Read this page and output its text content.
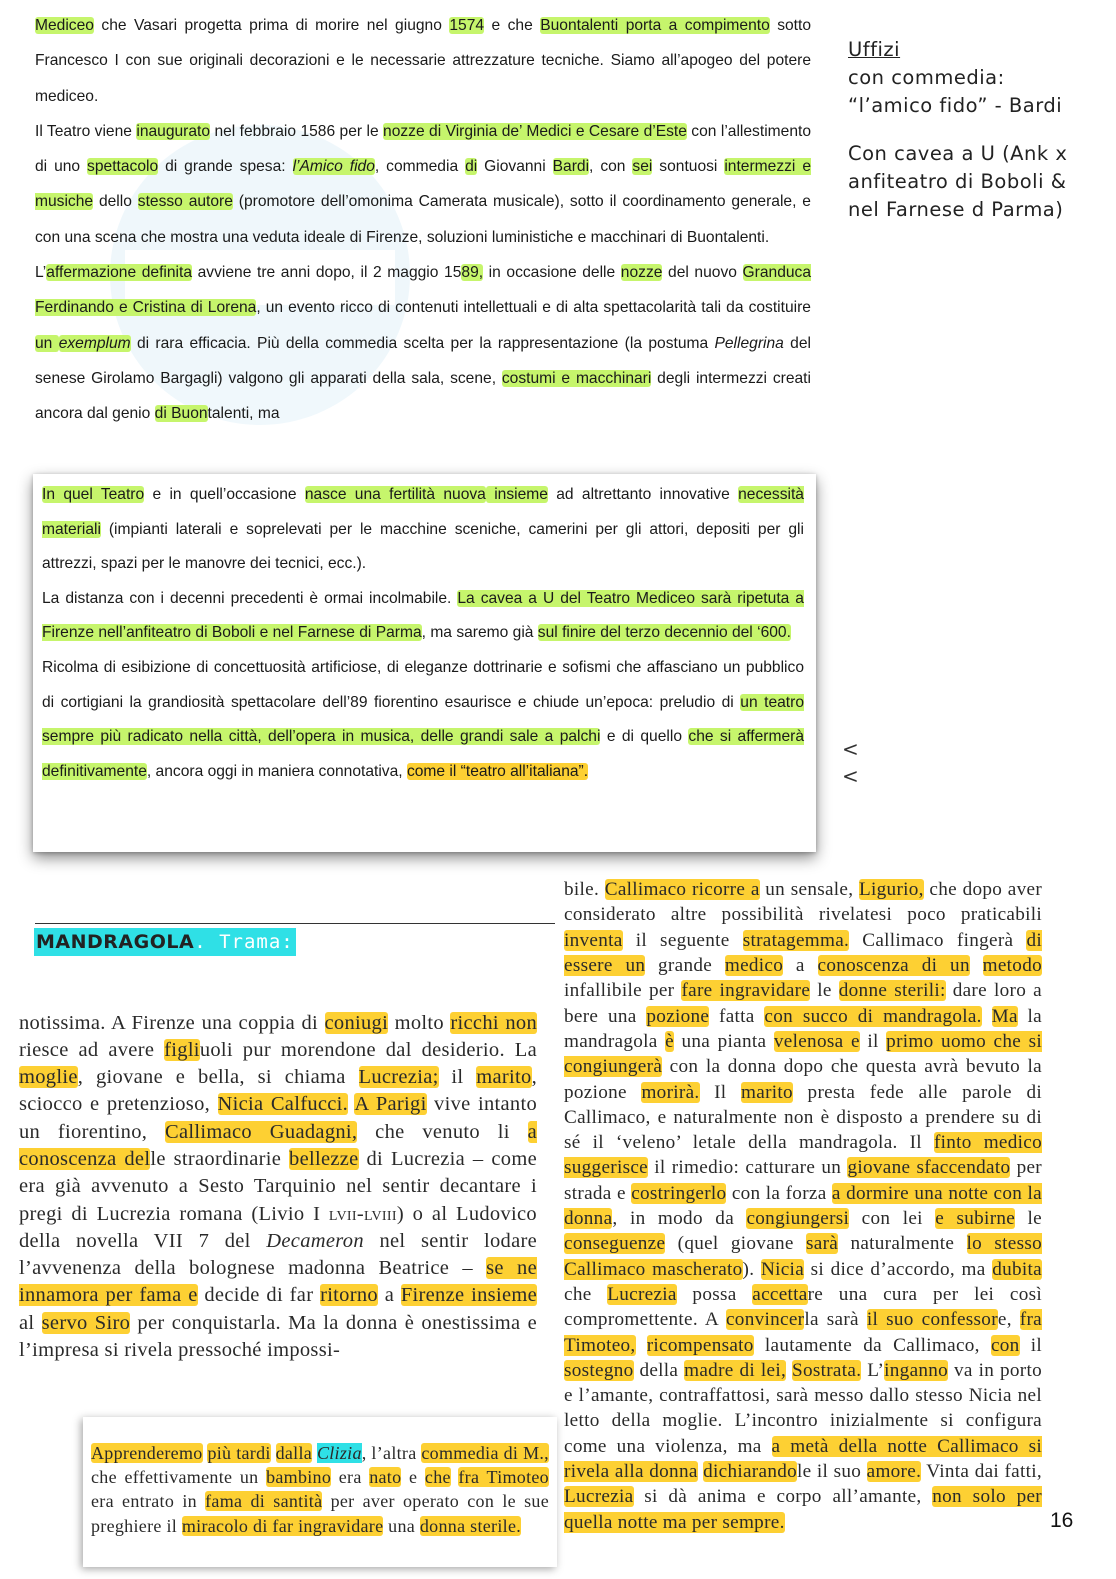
Mediceo che Vasari progetta prima di morire nel giugno 1574 e che Buontalenti porta a compimento sotto Francesco I con sue originali decorazioni e le necessarie attrezzature tecniche. Siamo all’apogeo del potere mediceo.

Il Teatro viene inaugurato nel febbraio 1586 per le nozze di Virginia de’ Medici e Cesare d’Este con l’allestimento di uno spettacolo di grande spesa: l’Amico fido, commedia di Giovanni Bardi, con sei sontuosi intermezzi e musiche dello stesso autore (promotore dell’omonima Camerata musicale), sotto il coordinamento generale, e con una scena che mostra una veduta ideale di Firenze, soluzioni luministiche e macchinari di Buontalenti.

L’affermazione definita avviene tre anni dopo, il 2 maggio 1589, in occasione delle nozze del nuovo Granduca Ferdinando e Cristina di Lorena, un evento ricco di contenuti intellettuali e di alta spettacolarità tali da costituire un exemplum di rara efficacia. Più della commedia scelta per la rappresentazione (la postuma Pellegrina del senese Girolamo Bargagli) valgono gli apparati della sala, scene, costumi e macchinari degli intermezzi creati ancora dal genio di Buontalenti, ma

Uffizi
con commedia: “l’amico fido” - Bardi

Con cavea a U (Ank x anfiteatro di Boboli & nel Farnese d Parma)

In quel Teatro e in quell’occasione nasce una fertilità nuova insieme ad altrettanto innovative necessità materiali (impianti laterali e soprelevati per le macchine sceniche, camerini per gli attori, depositi per gli attrezzi, spazi per le manovre dei tecnici, ecc.).

La distanza con i decenni precedenti è ormai incolmabile. La cavea a U del Teatro Mediceo sarà ripetuta a Firenze nell’anfiteatro di Boboli e nel Farnese di Parma, ma saremo già sul finire del terzo decennio del ‘600.

Ricolma di esibizione di concettuosità artificiose, di eleganze dottrinarie e sofismi che affasciano un pubblico di cortigiani la grandiosità spettacolare dell’89 fiorentino esaurisce e chiude un’epoca: preludio di un teatro sempre più radicato nella città, dell’opera in musica, delle grandi sale a palchi e di quello che si affermerà definitivamente, ancora oggi in maniera connotativa, come il “teatro all’italiana”.

<
<
MANDRAGOLA. Trama:

notissima. A Firenze una coppia di coniugi molto ricchi non riesce ad avere figliuoli pur morendone dal desiderio. La moglie, giovane e bella, si chiama Lucrezia; il marito, sciocco e pretenzioso, Nicia Calfucci. A Parigi vive intanto un fiorentino, Callimaco Guadagni, che venuto li a conoscenza delle straordinarie bellezze di Lucrezia – come era già avvenuto a Sesto Tarquinio nel sentir decantare i pregi di Lucrezia romana (Livio I lvii-lviii) o al Ludovico della novella VII 7 del Decameron nel sentir lodare l’avvenenza della bolognese madonna Beatrice – se ne innamora per fama e decide di far ritorno a Firenze insieme al servo Siro per conquistarla. Ma la donna è onestissima e l’impresa si rivela pressoché impossi-

bile. Callimaco ricorre a un sensale, Ligurio, che dopo aver considerato altre possibilità rivelatesi poco praticabili inventa il seguente stratagemma. Callimaco fingerà di essere un grande medico a conoscenza di un metodo infallibile per fare ingravidare le donne sterili: dare loro a bere una pozione fatta con succo di mandragola. Ma la mandragola è una pianta velenosa e il primo uomo che si congiungerà con la donna dopo che questa avrà bevuto la pozione morirà. Il marito presta fede alle parole di Callimaco, e naturalmente non è disposto a prendere su di sé il ‘veleno’ letale della mandragola. Il finto medico suggerisce il rimedio: catturare un giovane sfaccendato per strada e costringerlo con la forza a dormire una notte con la donna, in modo da congiungersi con lei e subirne le conseguenze (quel giovane sarà naturalmente lo stesso Callimaco mascherato). Nicia si dice d’accordo, ma dubita che Lucrezia possa accettare una cura per lei così compromettente. A convincerla sarà il suo confessore, fra Timoteo, ricompensato lautamente da Callimaco, con il sostegno della madre di lei, Sostrata. L’inganno va in porto e l’amante, contraffattosi, sarà messo dallo stesso Nicia nel letto della moglie. L’incontro inizialmente si configura come una violenza, ma a metà della notte Callimaco si rivela alla donna dichiarandole il suo amore. Vinta dai fatti, Lucrezia si dà anima e corpo all’amante, non solo per quella notte ma per sempre.

Apprenderemo più tardi dalla Clizia, l’altra commedia di M., che effettivamente un bambino era nato e che fra Timoteo era entrato in fama di santità per aver operato con le sue preghiere il miracolo di far ingravidare una donna sterile.	16
